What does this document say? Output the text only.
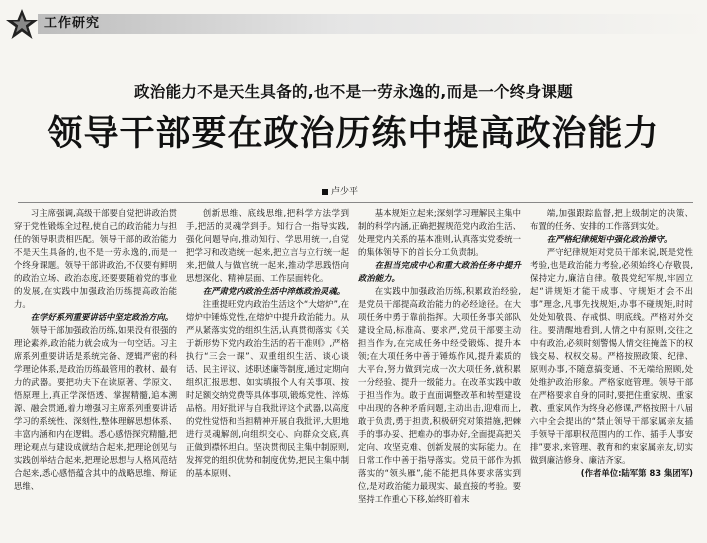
工作研究
政治能力不是天生具备的,也不是一劳永逸的,而是一个终身课题
领导干部要在政治历练中提高政治能力
卢少平

习主席强调,高级干部要自觉把讲政治贯穿于党性锻炼全过程,使自己的政治能力与担任的领导职责相匹配。领导干部的政治能力不是天生具备的,也不是一劳永逸的,而是一个终身课题。领导干部讲政治,不仅要有鲜明的政治立场、政治态度,还要要随着党的事业的发展,在实践中加强政治历练提高政治能力。

在学好系列重要讲话中坚定政治方向。

领导干部加强政治历练,如果没有很强的理论素养,政治能力就会成为一句空话。习主席系列重要讲话是系统完备、逻辑严密的科学理论体系,是政治历练最管用的教材、最有力的武器。要把功夫下在读原著、学原文、悟原理上,真正学深悟透、掌握精髓,追本溯源、融会贯通,着力增强习主席系列重要讲话学习的系统性、深刻性,整体理解思想体系、丰富内涵和内在逻辑。悉心感悟探究精髓,把理论观点与建设成就结合起来,把理论创见与实践创举结合起来,把理论思想与人格风范结合起来,悉心感悟蕴含其中的战略思维、辩证思维、

创新思维、底线思维,把科学方法学到手,把活的灵魂学到手。知行合一指导实践,强化问题导向,推动知行、学思用统一,自觉把学习和改造统一起来,把立言与立行统一起来,把做人与做官统一起来,推动学思践悟向思想深化、精神层面、工作层面转化。

在严肃党内政治生活中淬炼政治灵魂。

注重提旺党内政治生活这个“大熔炉”,在熔炉中锤炼党性,在熔炉中提升政治能力。从严从紧落实党的组织生活,认真贯彻落实《关于新形势下党内政治生活的若干准则》,严格执行“三会一课”、双重组织生活、谈心谈话、民主评议、述职述廉等制度,通过定期向组织汇报思想、如实填报个人有关事项、按时足额交纳党费等具体事项,锻炼党性、淬炼品格。用好批评与自我批评这个武器,以高度的党性觉悟和当担精神开展自我批评,大胆地进行灵魂解剖,向组织交心、向群众交底,真正做到襟怀坦白。坚决贯彻民主集中制原则,发挥党的组织优势和制度优势,把民主集中制的基本原则、

基本规矩立起来;深刻学习理解民主集中制的科学内涵,正确把握规范党内政治生活、处理党内关系的基本准则,认真落实党委统一的集体领导下的首长分工负责制。

在担当完成中心和重大政治任务中提升政治能力。

在实践中加强政治历练,积累政治经验,是党员干部提高政治能力的必经途径。在大项任务中勇于靠前指挥。大项任务事关部队建设全局,标准高、要求严,党员干部要主动担当作为,在完成任务中经受锻炼、提升本领;在大项任务中善于锤炼作风,提升素质的大平台,努力做到完成一次大项任务,就积累一分经验、提升一级能力。在改革实践中敢于担当作为。敢于直面调整改革和转型建设中出现的各种矛盾问题,主动出击,迎难而上,敢于负责,勇于担责,积极研究对策措施,把棘手的事办妥、把难办的事办好,全面提高把关定向、攻坚克难、创新发展的实际能力。在日常工作中善于指导落实。党员干部作为抓落实的“领头雁”,能不能把具体要求落实到位,是对政治能力最现实、最直接的考验。要坚持工作重心下移,始终盯着末

端,加强跟踪监督,把上级制定的决策、布置的任务、安排的工作落到实处。

在严格纪律规矩中强化政治操守。

严守纪律规矩对党员干部来说,既是党性考验,也是政治能力考验,必须始终心存敬畏,保持定力,廉洁自律。敬畏党纪军规,牢固立起“讲规矩才能干成事、守规矩才会不出事”理念,凡事先找规矩,办事不碰规矩,时时处处知敬畏、存戒惧、明底线。严格对外交往。要清醒地看到,人情之中有原则,交往之中有政治,必须时刻警惕人情交往掩盖下的权钱交易、权权交易。严格按照政策、纪律、原则办事,不随意搞变通、不无端给照顾,处处维护政治形象。严格家庭管理。领导干部在严格要求自身的同时,要把住重家规、重家教、重家风作为终身必修课,严格按照十八届六中全会提出的“禁止领导干部家属亲友插手领导干部职权范围内的工作、插手人事安排”要求,来管理、教育和约束家属亲友,切实做到廉洁修身、廉洁齐家。

(作者单位:陆军第 83 集团军)
